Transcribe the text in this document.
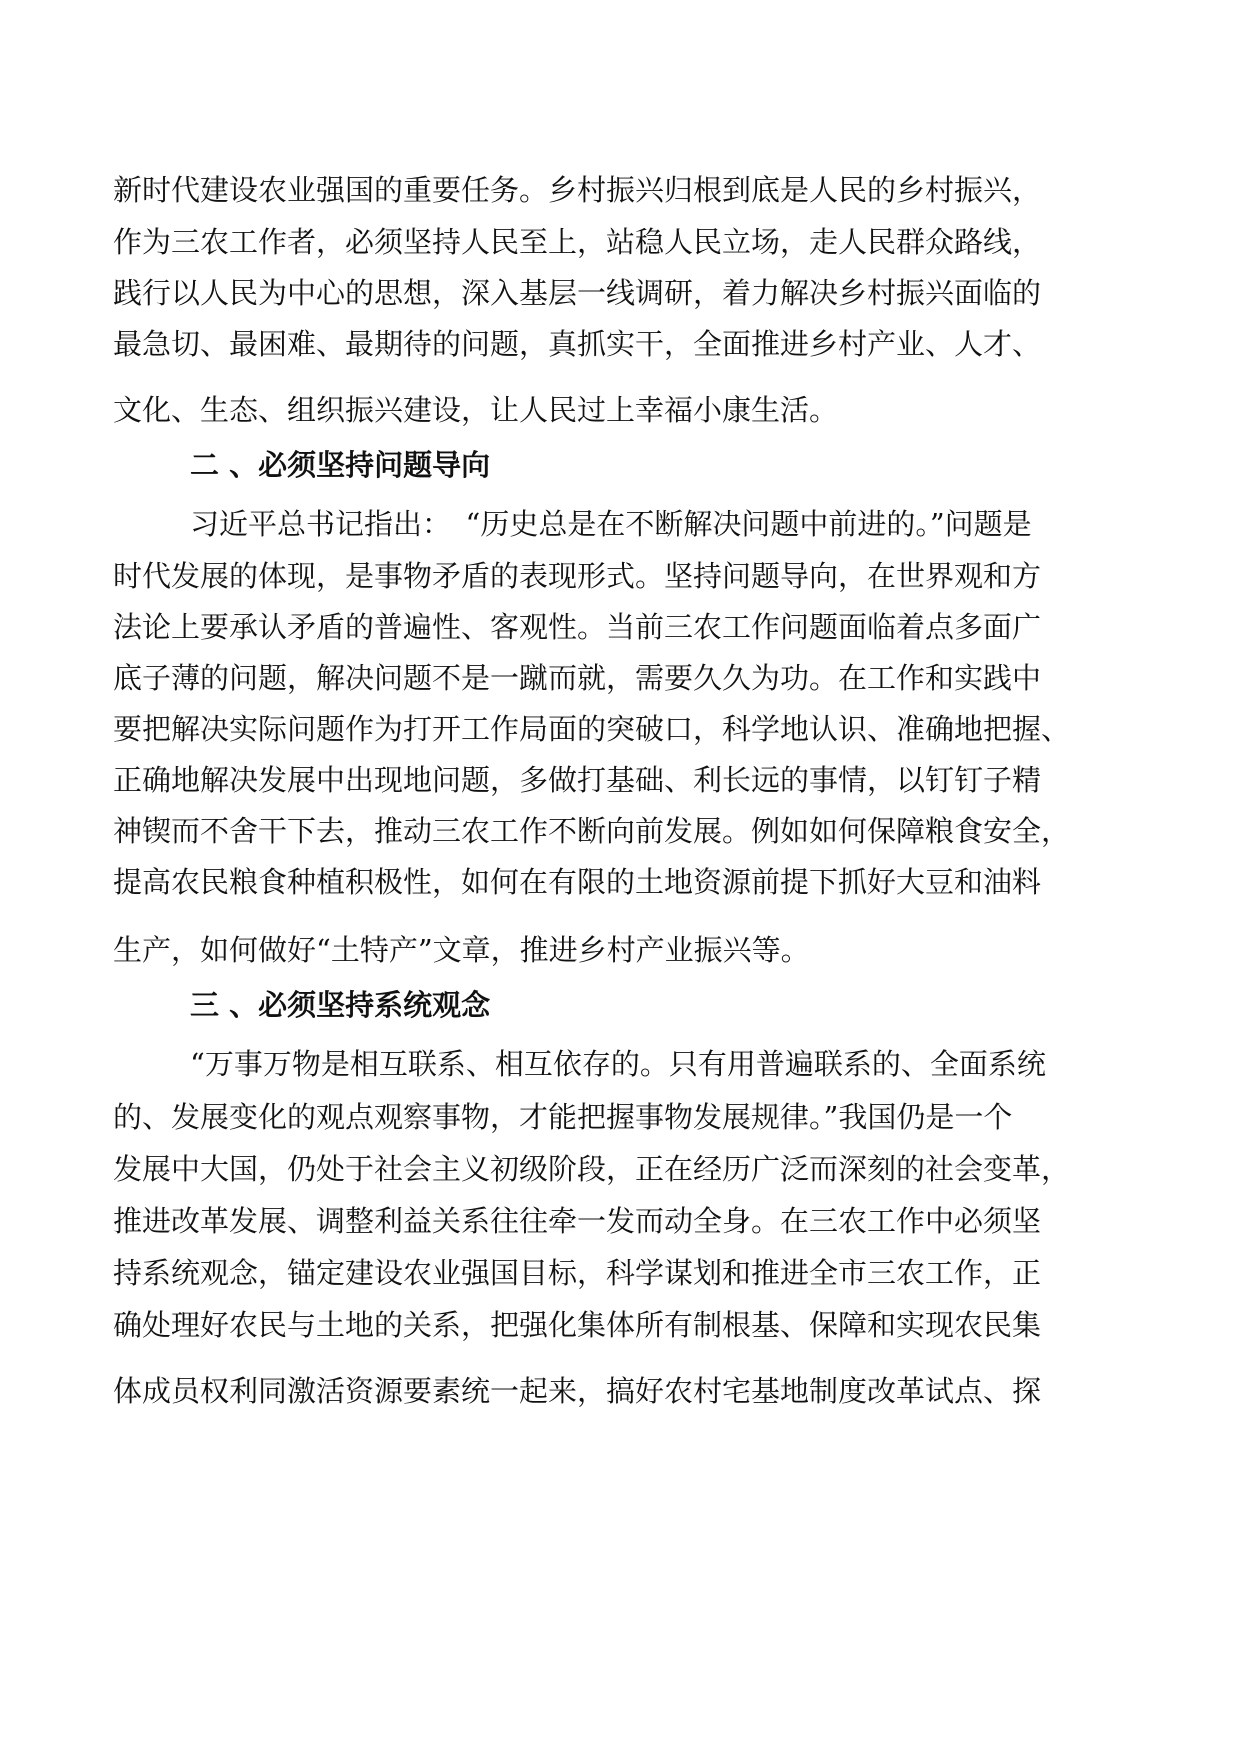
新时代建设农业强国的重要任务。乡村振兴归根到底是人民的乡村振兴，
作为三农工作者，必须坚持人民至上，站稳人民立场，走人民群众路线，
践行以人民为中心的思想，深入基层一线调研，着力解决乡村振兴面临的
最急切、最困难、最期待的问题，真抓实干，全面推进乡村产业、人才、
文化、生态、组织振兴建设，让人民过上幸福小康生活。
二 、必须坚持问题导向
习近平总书记指出：　“历史总是在不断解决问题中前进的。”问题是
时代发展的体现，是事物矛盾的表现形式。坚持问题导向，在世界观和方
法论上要承认矛盾的普遍性、客观性。当前三农工作问题面临着点多面广
底子薄的问题，解决问题不是一蹴而就，需要久久为功。在工作和实践中
要把解决实际问题作为打开工作局面的突破口，科学地认识、准确地把握、
正确地解决发展中出现地问题，多做打基础、利长远的事情，以钉钉子精
神锲而不舍干下去，推动三农工作不断向前发展。例如如何保障粮食安全，
提高农民粮食种植积极性，如何在有限的土地资源前提下抓好大豆和油料
生产，如何做好“土特产”文章，推进乡村产业振兴等。
三 、必须坚持系统观念
“万事万物是相互联系、相互依存的。只有用普遍联系的、全面系统
的、发展变化的观点观察事物，才能把握事物发展规律。”我国仍是一个
发展中大国，仍处于社会主义初级阶段，正在经历广泛而深刻的社会变革，
推进改革发展、调整利益关系往往牵一发而动全身。在三农工作中必须坚
持系统观念，锚定建设农业强国目标，科学谋划和推进全市三农工作，正
确处理好农民与土地的关系，把强化集体所有制根基、保障和实现农民集
体成员权利同激活资源要素统一起来，搞好农村宅基地制度改革试点、探
